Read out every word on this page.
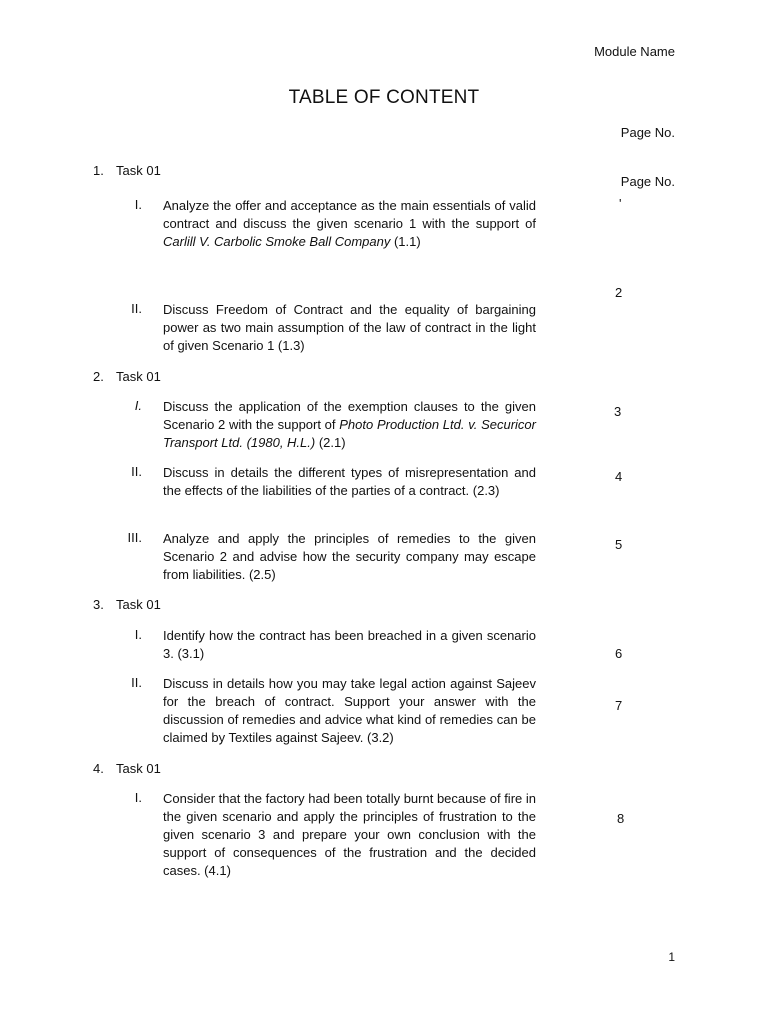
Module Name
TABLE OF CONTENT
Page No.
Page No.
1. Task 01
I. Analyze the offer and acceptance as the main essentials of valid contract and discuss the given scenario 1 with the support of Carlill V. Carbolic Smoke Ball Company (1.1)
'
II. Discuss Freedom of Contract and the equality of bargaining power as two main assumption of the law of contract in the light of given Scenario 1 (1.3)
2
2. Task 01
I. Discuss the application of the exemption clauses to the given Scenario 2 with the support of Photo Production Ltd. v. Securicor Transport Ltd. (1980, H.L.) (2.1)
3
II. Discuss in details the different types of misrepresentation and the effects of the liabilities of the parties of a contract. (2.3)
4
III. Analyze and apply the principles of remedies to the given Scenario 2 and advise how the security company may escape from liabilities. (2.5)
5
3. Task 01
I. Identify how the contract has been breached in a given scenario 3. (3.1)	6
II. Discuss in details how you may take legal action against Sajeev for the breach of contract. Support your answer with the discussion of remedies and advice what kind of remedies can be claimed by Textiles against Sajeev. (3.2)
7
4. Task 01
I. Consider that the factory had been totally burnt because of fire in the given scenario and apply the principles of frustration to the given scenario 3 and prepare your own conclusion with the support of consequences of the frustration and the decided cases. (4.1)
8
1
